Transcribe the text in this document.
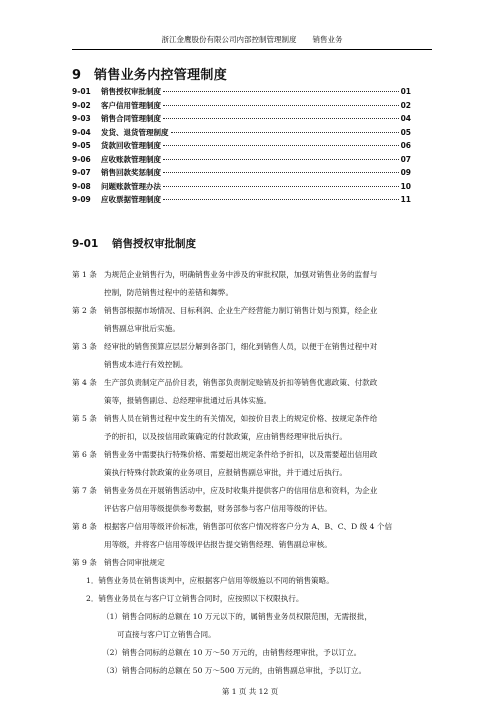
浙江金鹰股份有限公司内部控制管理制度 销售业务
9 销售业务内控管理制度
9-01	销售授权审批制度	01
9-02	客户信用管理制度	02
9-03	销售合同管理制度	04
9-04	发货、退货管理制度	05
9-05	货款回收管理制度	06
9-06	应收账款管理制度	07
9-07	销售回款奖惩制度	09
9-08	问题账款管理办法	10
9-09	应收票据管理制度	11
9-01 销售授权审批制度
第 1 条 为规范企业销售行为，明确销售业务中涉及的审批权限，加强对销售业务的监督与
控制，防范销售过程中的差错和舞弊。
第 2 条 销售部根据市场情况、目标利润、企业生产经营能力制订销售计划与预算，经企业
销售副总审批后实施。
第 3 条 经审批的销售预算应层层分解到各部门，细化到销售人员，以便于在销售过程中对
销售成本进行有效控制。
第 4 条 生产部负责制定产品价目表，销售部负责制定赊销及折扣等销售优惠政策、付款政
策等，报销售副总、总经理审批通过后具体实施。
第 5 条 销售人员在销售过程中发生的有关情况，如按价目表上的规定价格、按规定条件给
予的折扣，以及按信用政策确定的付款政策，应由销售经理审批后执行。
第 6 条 销售业务中需要执行特殊价格、需要超出规定条件给予折扣，以及需要超出信用政
策执行特殊付款政策的业务项目，应报销售副总审批，并于通过后执行。
第 7 条 销售业务员在开展销售活动中，应及时收集并提供客户的信用信息和资料，为企业
评估客户信用等级提供参考数据，财务部参与客户信用等级的评估。
第 8 条 根据客户信用等级评价标准，销售部可依客户情况将客户分为 A、B、C、D 级 4 个信
用等级，并将客户信用等级评估报告提交销售经理、销售副总审核。
第 9 条 销售合同审批规定
1．销售业务员在销售谈判中，应根据客户信用等级施以不同的销售策略。
2．销售业务员在与客户订立销售合同时，应按照以下权限执行。
（1）销售合同标的总额在 10 万元以下的，属销售业务员权限范围，无需报批，
可直接与客户订立销售合同。
（2）销售合同标的总额在 10 万～50 万元的，由销售经理审批，予以订立。
（3）销售合同标的总额在 50 万～500 万元的，由销售副总审批，予以订立。
第 1 页 共 12 页
